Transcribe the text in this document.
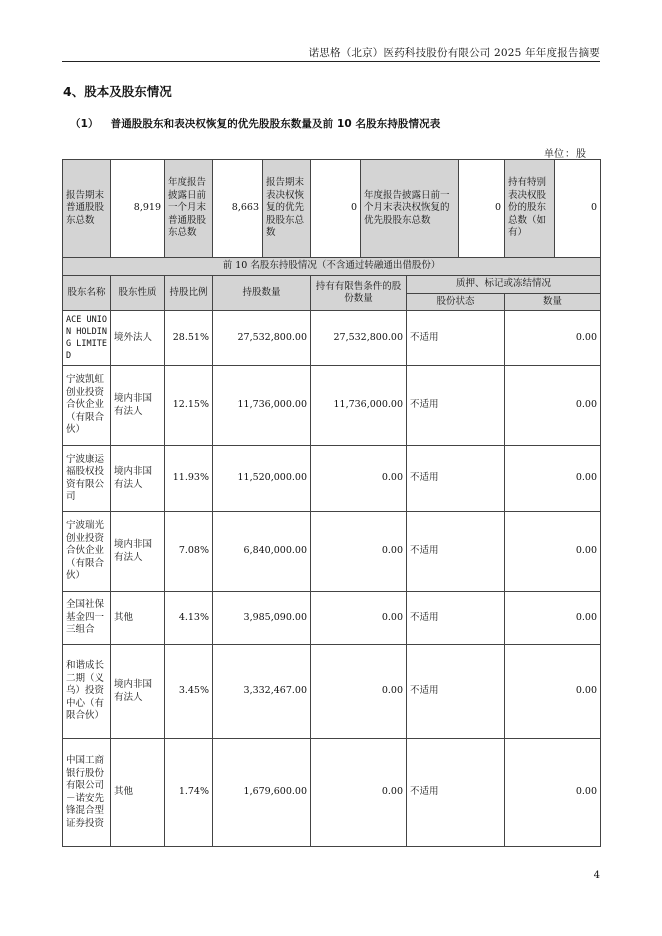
诺思格（北京）医药科技股份有限公司 2025 年年度报告摘要
4、股本及股东情况
（1） 普通股股东和表决权恢复的优先股股东数量及前 10 名股东持股情况表
单位：股
报告期末普通股股东总数	8,919	年度报告披露日前一个月末普通股股东总数	8,663	报告期末表决权恢复的优先股股东总数	0	年度报告披露日前一个月末表决权恢复的优先股股东总数		0	持有特别表决权股份的股东总数（如有）	0
前 10 名股东持股情况（不含通过转融通出借股份）										
股东名称	股东性质	持股比例	持股数量		持有有限售条件的股份数量		质押、标记或冻结情况			
							股份状态		数量	
ACE UNION HOLDING LIMITED	境外法人	28.51%	27,532,800.00		27,532,800.00		不适用		0.00	
宁波凯虹创业投资合伙企业（有限合伙）	境内非国有法人	12.15%	11,736,000.00		11,736,000.00		不适用		0.00	
宁波康运福股权投资有限公司	境内非国有法人	11.93%	11,520,000.00		0.00		不适用		0.00	
宁波瑞光创业投资合伙企业（有限合伙）	境内非国有法人	7.08%	6,840,000.00		0.00		不适用		0.00	
全国社保基金四一三组合	其他	4.13%	3,985,090.00		0.00		不适用		0.00	
和谐成长二期（义乌）投资中心（有限合伙）	境内非国有法人	3.45%	3,332,467.00		0.00		不适用		0.00	
中国工商银行股份有限公司－诺安先锋混合型证券投资	其他	1.74%	1,679,600.00		0.00		不适用		0.00	
4
